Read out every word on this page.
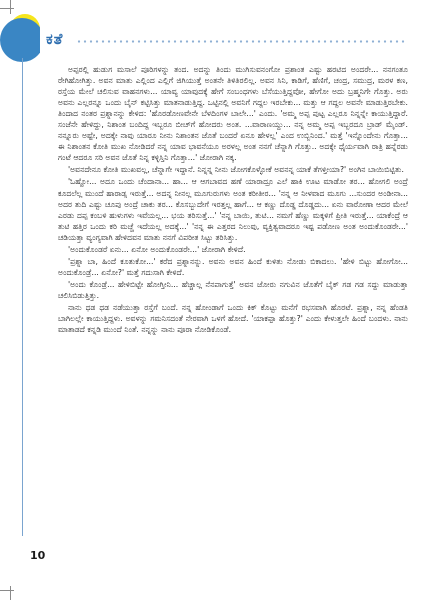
ಕತೆ

ಅಪ್ಪರಲ್ಲಿ ಹುಡುಗ ಮಸಾಲೆ ಪೂರಿಗಳನ್ನು ತಂದ. ಅದನ್ನು ತಿಂದು ಮುಗಿಸುವನಂಗೋ ಪ್ರಶಾಂತ ಎಷ್ಟು ಹರಟಿದ ಅಂದರೇ... ನನಗಂತೂ ರೇಗಿಹೋಗಿತ್ತು. ಅವನ ಮಾತು ಎಲ್ಲಿಂದ ಎಲ್ಲಿಗೆ ಜಿಗಿಯುತ್ತೆ ಅಂತನೇ ತಿಳಿತಿರಲಿಲ್ಲ. ಅವನ ಸಿನಿ, ಕಾಡಿಗೆ, ಹೆಣಿಗೆ, ಚಂದ್ರ, ಸಮುದ್ರ, ಮರಳ ಕಣ, ರಸ್ತೆಯ ಮೇಲೆ ಚಲಿಸುವ ವಾಹನಗಳು... ಯಾವ್ಯ ಯಾವುದಕ್ಕೆ ಹೇಗೆ ಸಂಬಂಧಗಳು ಬೆಸೆಯುತ್ತಿದ್ದವೋ, ಹೇಗೋ ಅದು ಬ್ರಹ್ಮನಿಗೇ ಗೊತ್ತು. ಅರು ಅವನು ಎಲ್ಲರನ್ನೂ ಒಂದು ಬೈನ್ ಕಟ್ಟಿಸಿತ್ತು ಮಾತನಾಡುತ್ತಿದ್ದ. ಒಟ್ಟಿನಲ್ಲಿ ಅವನಿಗೆ ಗದ್ದಲ ಇರಬೇಕು... ಮತ್ತು ಆ ಗದ್ದಲ ಅವನೇ ಮಾಡುತ್ತಿರಬೇಕು. ತಿಂದಾದ ನಂತರ ಪ್ರಶ್ನಾನನ್ನು ಕೇಳಿದ: 'ಹೊರಡೋಣವೇನೇ ಬೆಳದಿಂಗಳ ಬಾಲೇ...' ಎಂದು. 'ಅಮ್ಮ ಅಪ್ಪ ಪುಟ್ಟ ಎಲ್ಲರೂ ನಿನ್ನನ್ನೇ ಕಾಯುತ್ತಿದ್ದಾರೆ. ಸಂಜೆನೇ ಹೇಳಿದ್ದು, ನಿಶಾಂತ ಬಂದಿದ್ದ ಇಬ್ಬರೂ ಬೀಚ್‌ಗೆ ಹೋದರು ಅಂತ. ...ವಾರಾಣಯ್ದು... ನನ್ನ ಅಮ್ಮ ಅಪ್ಪ ಇಬ್ಬರದೂ ಬ್ರಾಡ್ ಮೈಂಡ್. ನನ್ನೂರು ಅಷ್ಟೇ, ಅದಕ್ಕೇ ನಾವು ಯಾರೂ ನೀನು ನಿಶಾಂತನ ಜೊತೆ ಬಂದರೆ ಏನೂ ಹೇಳಲ್ಲ' ಎಂದ ಉಬ್ಬಿನಿಂದ.' ಮತ್ತೆ 'ಇನ್ನೊಂದೇನು ಗೊತ್ತಾ... ಈ ನಿಶಾಂತನ ಕೋತಿ ಮುಖ ನೋಡಿದರೆ ನನ್ನ ಯಾವ ಭಾವನೆಯೂ ಅರಳಲ್ಲ ಅಂತ ನನಗೆ ಚೆನ್ನಾಗಿ ಗೊತ್ತು.. ಅದಕ್ಕೇ ಧೈರ್ಯವಾಗಿ ರಾತ್ರಿ ಹನ್ನೆರಡು ಗಂಟೆ ಆದರೂ ಸರಿ ಅವನ ಜೊತೆ ನಿನ್ನ ಕಳ್ಳಿಸ್ತಿನಿ ಗೊತ್ತಾ...' ಜೋರಾಗಿ ನಕ್ಕ.

'ಅವನದೇನೂ ಕೋತಿ ಮುಖವಲ್ಲ, ಚೆನ್ನಾಗೇ ಇದ್ದಾನೆ. ನಿನ್ನನ್ನ ನೀನು ಜೋಗಕೊಳ್ಳೋಕೆ ಅವನನ್ನ ಯಾಕೆ ತೆಗಳ್ತೀಯಾ?' ಅಂಗಿನ ಬಾಯಿಬಿಟ್ಟಿತು.

'ಓಹ್ಹೋ... ಅದೂ ಒಂದು ಚೆಂದಾನಾ... ಹಾ... ಆ ಆಗಬಾವದ ಹಣೆ ಯಾರಾದ್ರೂ ಎಲೆ ಹಾಕಿ ಊಟ ಮಾಡೋ ತರ... ಹೋಗಲಿ ಅಂದ್ರೆ ಕೂದಲೆಲ್ಲ ಮುಂದೆ ಹಾರಾಡ್ಸ ಇರುತ್ತೆ... ಅದನ್ನ ನೀನಲ್ಲ ಮೂಗುರುಗಳು ಅಂತ ಕರೀತೀರ... 'ನನ್ನ ಆ ನೀಳವಾದ ಮೂಗು ...ಸುಂದರ ಅಂಡೀನಾ... ಅದರ ತುದಿ ಎಷ್ಟು ಚೂಪು ಅಂದ್ರೆ ಚಾಕು ತರ... ಕೊಸಬ್ಬುದೇಗೆ ಇರತ್ತಲ್ಲ ಹಾಗೆ... ಆ ಕಣ್ಣು ದೊಡ್ಡ ದೊಡ್ಡದು... ಏನು ವಾರೋಣಾ ಆದರ ಮೇಲೆ ಎರಡು ದಪ್ಪ ಕಂಬಳಿ ಹುಳುಗಳು ಇವೆಯಲ್ಲ... ಭಯ ತರಿಸುತ್ತೆ...' 'ನನ್ನ ಬಾಯಿ, ತುಟಿ... ನಮಗೆ ಹೆಣ್ಣು ಮಕ್ಕಳಿಗೆ ಪ್ರೀತಿ ಇರುತ್ತೆ... ಯಾಕೆಂದ್ರೆ ಆ ತುಟಿ ಹತ್ತಿರ ಒಂದು ಕರಿ ಮಚ್ಚೆ ಇದೆಯಲ್ಲ ಅದಕ್ಕೆ...' 'ನನ್ನ ಈ ಎತ್ತರದ ನಿಲುವು, ವ್ಯಕ್ತಿತ್ವವಾದರೂ ಇಷ್ಟ ಪಡೋಣ ಅಂತ ಅಂದುಕೊಂಡರೇ...' ಚಡಿಯತ್ತಾ ವ್ಯಂಗ್ಯವಾಗಿ ಹೇಳಿದವನ ಮಾತು ನನಗೆ ವಿಪರೀತ ಸಿಟ್ಟು ತರಿಸಿತ್ತು.

'ಅಂದುಕೊಂಡರೆ ಏನು... ಏನೋ ಅಂದುಕೊಂಡರೇ...' ಜೋರಾಗಿ ಕೇಳಿದೆ.

'ಪ್ರಶ್ನಾ ಬಾ, ಹಿಂದೆ ಕೂತುಕೋ...' ಕರೆದ ಪ್ರಶ್ನಾನನ್ನು. ಅವನು ಅವನ ಹಿಂದೆ ಕುಳಿತು ನೋಡು ಬಿಕಾದಲು. 'ಹೇಳಿ ಬಿಟ್ಟು ಹೋಗೋ... ಅಂದುಕೊಂಡ್ರೆ... ಏನೋ?' ಮತ್ತೆ ಗದುಸಾಗಿ ಕೇಳಿದೆ.

'ಅಂದು ಕೊಂಡ್ರೆ... ಹೇಳಿಬಿಟ್ಟೇ ಹೋಗ್ತೀನಿ... ಹೆಚ್ಚಾಲ್ಲ ನೆನಪಾಗುತ್ತೆ' ಅವನ ಜೋರು ನಗುವಿನ ಜೊತೆಗೆ ಬೈಕ್ ಗಡ ಗಡ ಸದ್ದು ಮಾಡುತ್ತಾ ಚಲಿಸಿಬಿಡುತ್ತಿತ್ತು.

ನಾನು ಧಡ ಧಡ ನಡೆಯುತ್ತಾ ರಸ್ತೆಗೆ ಬಂದೆ. ನನ್ನ ಹೋಂಡಾಗೆ ಒಂದು ಕಿಕ್ ಕೊಟ್ಟು ಮನೆಗೆ ರಭಸವಾಗಿ ಹೊರಟೆ. ಪ್ರಶ್ನಾ, ನನ್ನ ಹೆಂಡತಿ ಬಾಗಿಲಲ್ಲೇ ಕಾಯುತ್ತಿದ್ದಳು. ಅವಳನ್ನು ಗಮನಿಸದಂತೆ ನೇರವಾಗಿ ಒಳಗೆ ಹೋದೆ. 'ಯಾಕಪ್ಪಾ ಹೊತ್ತು?' ಎಂದು ಕೇಳುತ್ತಲೇ ಹಿಂದೆ ಬಂದಳು. ನಾನು ಮಾತಾಡದೆ ಕನ್ನಡಿ ಮುಂದೆ ನಿಂತೆ. ನನ್ನನ್ನು ನಾನು ಪೂರಾ ನೋಡಿಕೊಂಡೆ.

10
